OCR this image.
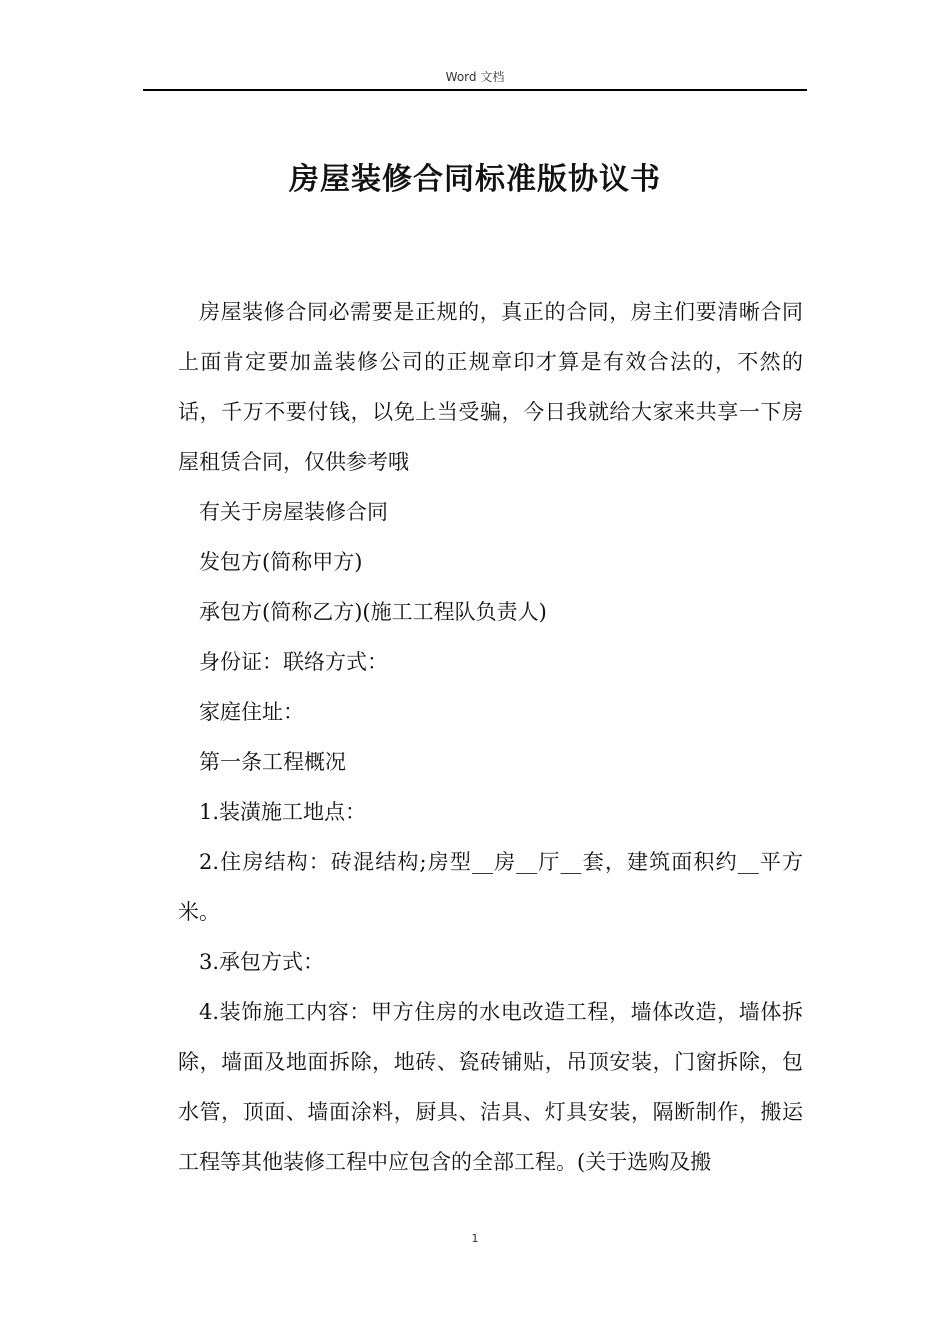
Word 文档
房屋装修合同标准版协议书

房屋装修合同必需要是正规的，真正的合同，房主们要清晰合同上面肯定要加盖装修公司的正规章印才算是有效合法的，不然的话，千万不要付钱，以免上当受骗，今日我就给大家来共享一下房屋租赁合同，仅供参考哦

有关于房屋装修合同

发包方(简称甲方)

承包方(简称乙方)(施工工程队负责人)

身份证：联络方式：

家庭住址：

第一条工程概况

1.装潢施工地点：

2.住房结构：砖混结构;房型__房__厅__套，建筑面积约__平方米。

3.承包方式：

4.装饰施工内容：甲方住房的水电改造工程，墙体改造，墙体拆除，墙面及地面拆除，地砖、瓷砖铺贴，吊顶安装，门窗拆除，包水管，顶面、墙面涂料，厨具、洁具、灯具安装，隔断制作，搬运工程等其他装修工程中应包含的全部工程。(关于选购及搬

1
